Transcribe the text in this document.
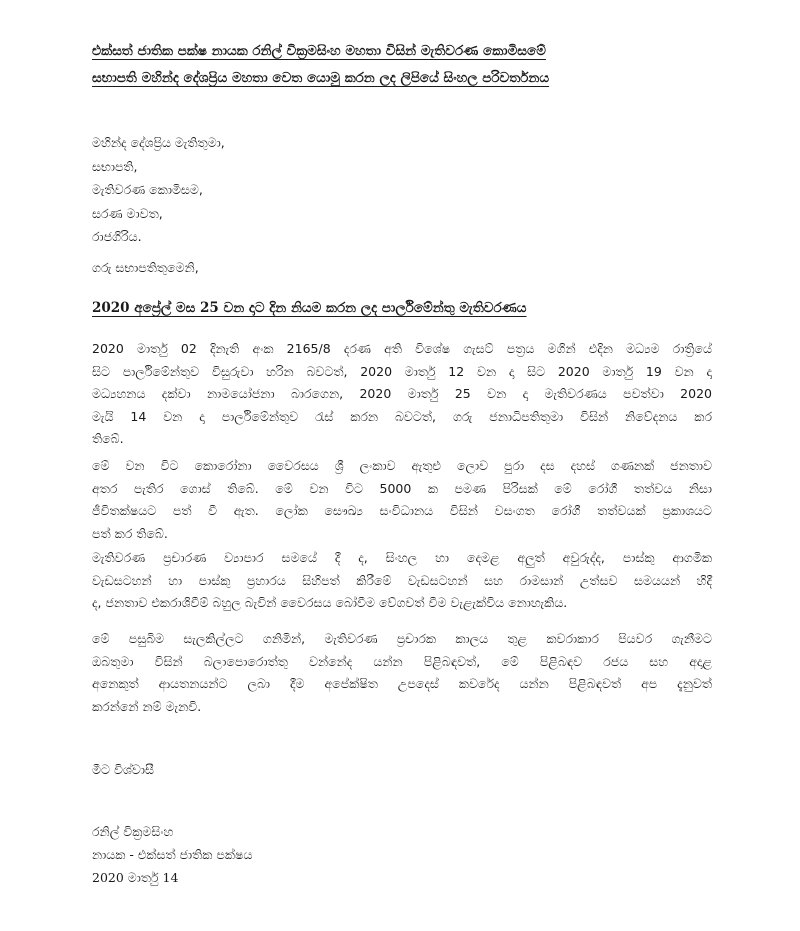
එක්සත් ජාතික පක්ෂ නායක රනිල් වික්‍රමසිංහ මහතා විසින් මැතිවරණ කොමිසමේ
සභාපති මහින්ද දේශප්‍රිය මහතා වෙත යොමු කරන ලද ලිපියේ සිංහල පරිවර්තනය
මහින්ද දේශප්‍රිය මැතිතුමා,
සභාපති,
මැතිවරණ කොමිසම,
සරණ මාවත,
රාජගිරිය.
ගරු සභාපතිතුමෙනි,
2020 අප්‍රේල් මස 25 වන දාට දින නියම කරන ලද පාර්ලිමේන්තු මැතිවරණය
2020 මාර්තු 02 දිනැති අංක 2165/8 දරණ අති විශේෂ ගැසට් පත්‍රය මගින් එදින මධ්‍යම රාත්‍රියේ
සිට පාර්ලිමේන්තුව විසුරුවා හරින බවටත්, 2020 මාර්තු 12 වන දා සිට 2020 මාර්තු 19 වන දා
මධ්‍යහනය දක්වා නාමයෝජනා බාරගෙන, 2020 මාර්තු 25 වන දා මැතිවරණය පවත්වා 2020
මැයි 14 වන දා පාර්ලිමේන්තුව රැස් කරන බවටත්, ගරු ජනාධිපතිතුමා විසින් නිවේදනය කර
තිබේ.
මේ වන විට කොරෝනා වෛරසය ශ්‍රී ලංකාව ඇතුළු ලොව පුරා දස දහස් ගණනක් ජනතාව
අතර පැතිර ගොස් තිබේ. මේ වන විට 5000 ක පමණ පිරිසක් මේ රෝගී තත්වය නිසා
ජීවිතක්ෂයට පත් වී ඇත. ලෝක සෞඛ්‍ය සංවිධානය විසින් වසංගත රෝගී තත්වයක් ප්‍රකාශයට
පත් කර තිබේ.
මැතිවරණ ප්‍රචාරණ ව්‍යාපාර සමයේ දී ද, සිංහල හා දෙමළ අලුත් අවුරුද්ද, පාස්කු ආගමික
වැඩසටහන් හා පාස්කු ප්‍රහාරය සිහිපත් කිරීමේ වැඩසටහන් සහ රාමසාන් උත්සව සමයයන් හිදී
ද, ජනතාව එකරාශිවීම් බහුල බැවින් වෛරසය බෝවීම වේගවත් වීම වැළැක්විය නොහැකිය.
මේ පසුබිම සැලකිල්ලට ගනිමින්, මැතිවරණ ප්‍රචාරක කාලය තුළ කවරාකාර පියවර ගැනීමට
ඔබතුමා විසින් බලාපොරොත්තු වන්නේද යන්න පිළිබඳවත්, මේ පිළිබඳව රජය සහ අදාළ
අනෙකුත් ආයතනයන්ට ලබා දීම අපේක්ෂිත උපදෙස් කවරේද යන්න පිළිබඳවත් අප දැනුවත්
කරන්නේ නම් මැනවි.
මීට විශ්වාසී
රනිල් වික්‍රමසිංහ
නායක - එක්සත් ජාතික පක්ෂය
2020 මාර්තු 14
